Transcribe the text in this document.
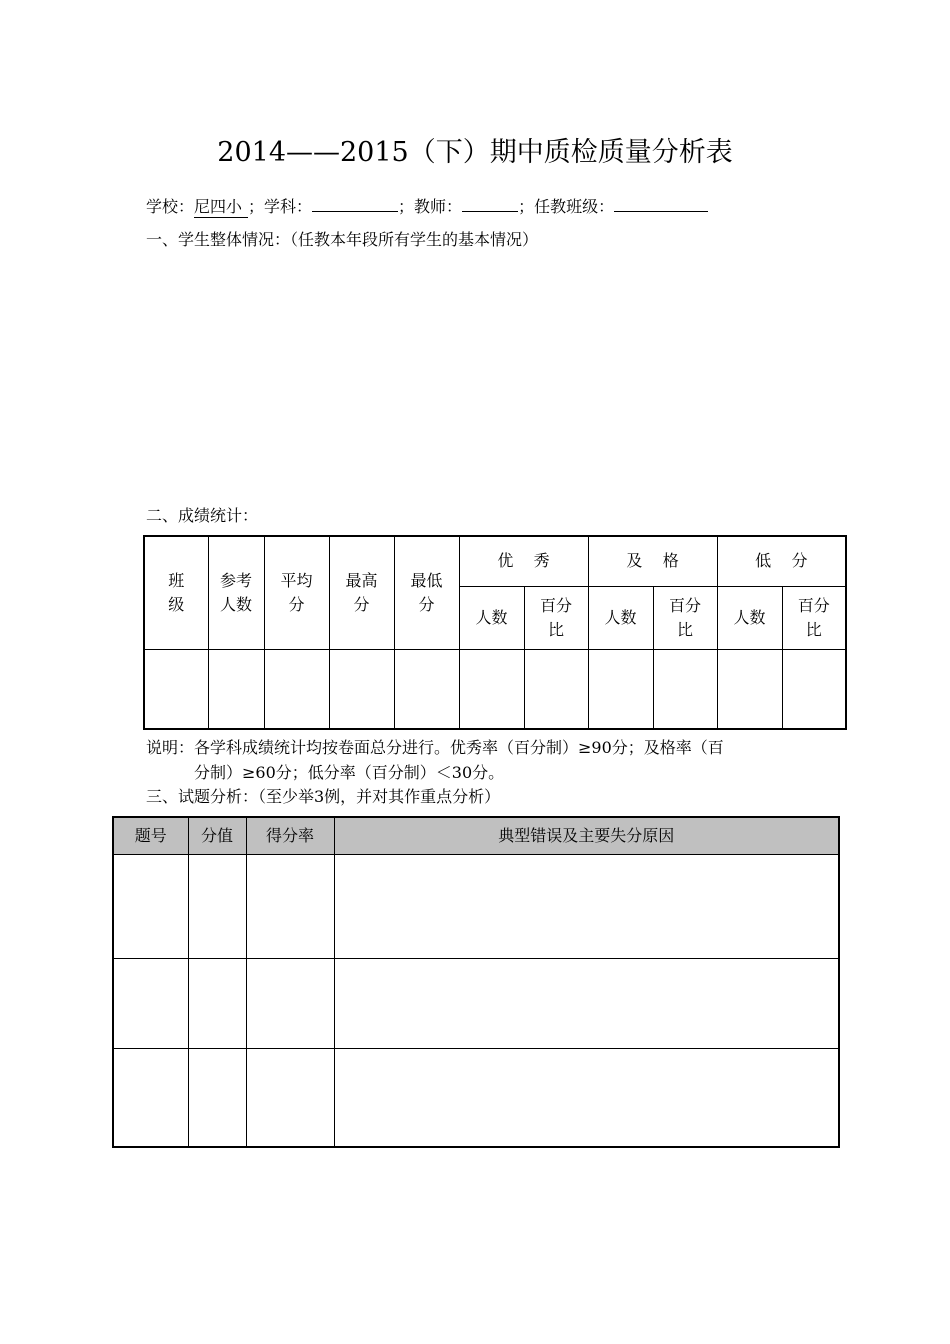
2014——2015（下）期中质检质量分析表
学校：尼四小 ；学科：	；教师：	；任教班级：
一、学生整体情况：（任教本年段所有学生的基本情况）
二、成绩统计：
班级	参考人数	平均分	最高分	最低分	优    秀		及    格		低    分	
					人数	百分比	人数	百分比	人数	百分比

说明：各学科成绩统计均按卷面总分进行。优秀率（百分制）≥90分；及格率（百
分制）≥60分；低分率（百分制）＜30分。
三、试题分析：（至少举3例，并对其作重点分析）
题号	分值	得分率	典型错误及主要失分原因
